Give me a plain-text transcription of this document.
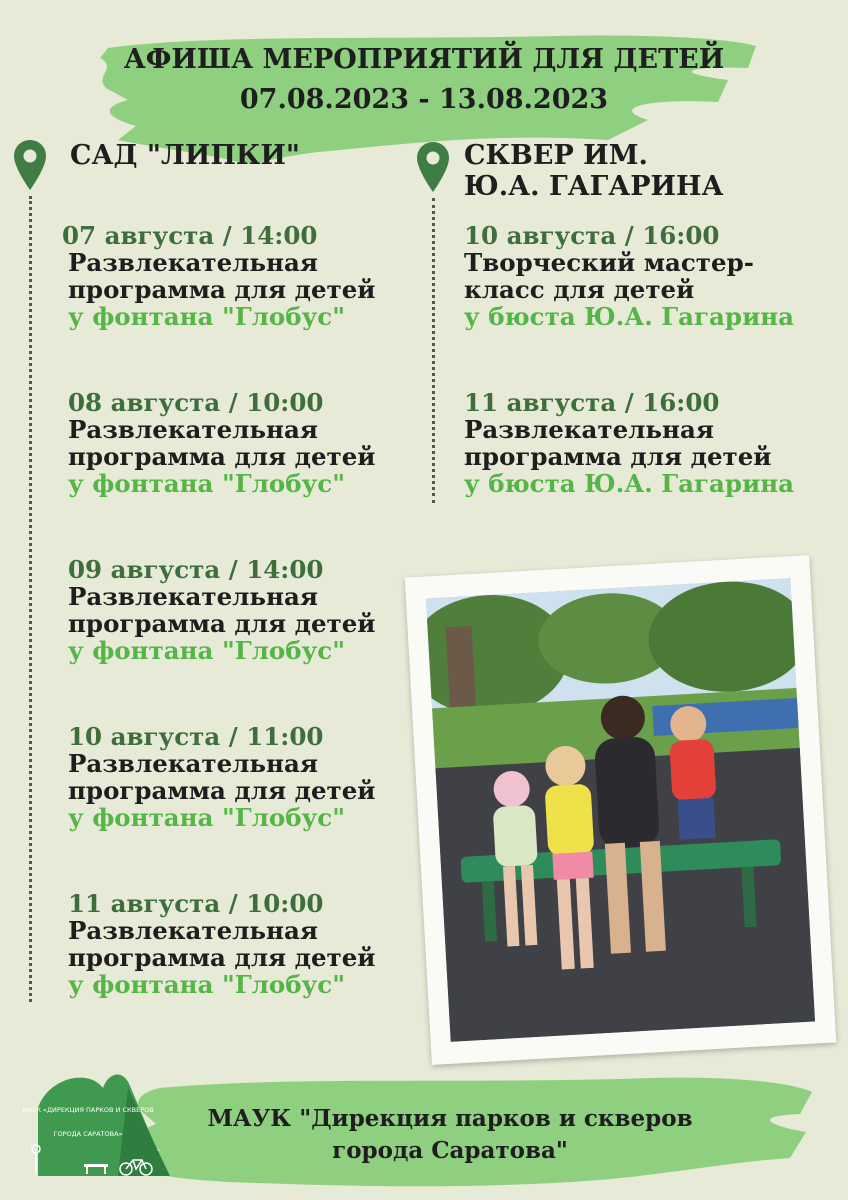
АФИША МЕРОПРИЯТИЙ ДЛЯ ДЕТЕЙ
07.08.2023 - 13.08.2023
САД "ЛИПКИ"
07 августа / 14:00
Развлекательная
программа для детей
у фонтана "Глобус"
08 августа / 10:00
Развлекательная
программа для детей
у фонтана "Глобус"
09 августа / 14:00
Развлекательная
программа для детей
у фонтана "Глобус"
10 августа / 11:00
Развлекательная
программа для детей
у фонтана "Глобус"
11 августа / 10:00
Развлекательная
программа для детей
у фонтана "Глобус"
СКВЕР ИМ.
Ю.А. ГАГАРИНА
10 августа / 16:00
Творческий мастер-
класс для детей
у бюста Ю.А. Гагарина
11 августа / 16:00
Развлекательная
программа для детей
у бюста Ю.А. Гагарина
МАУК «ДИРЕКЦИЯ ПАРКОВ И СКВЕРОВ
ГОРОДА САРАТОВА»
МАУК "Дирекция парков и скверов
города Саратова"
